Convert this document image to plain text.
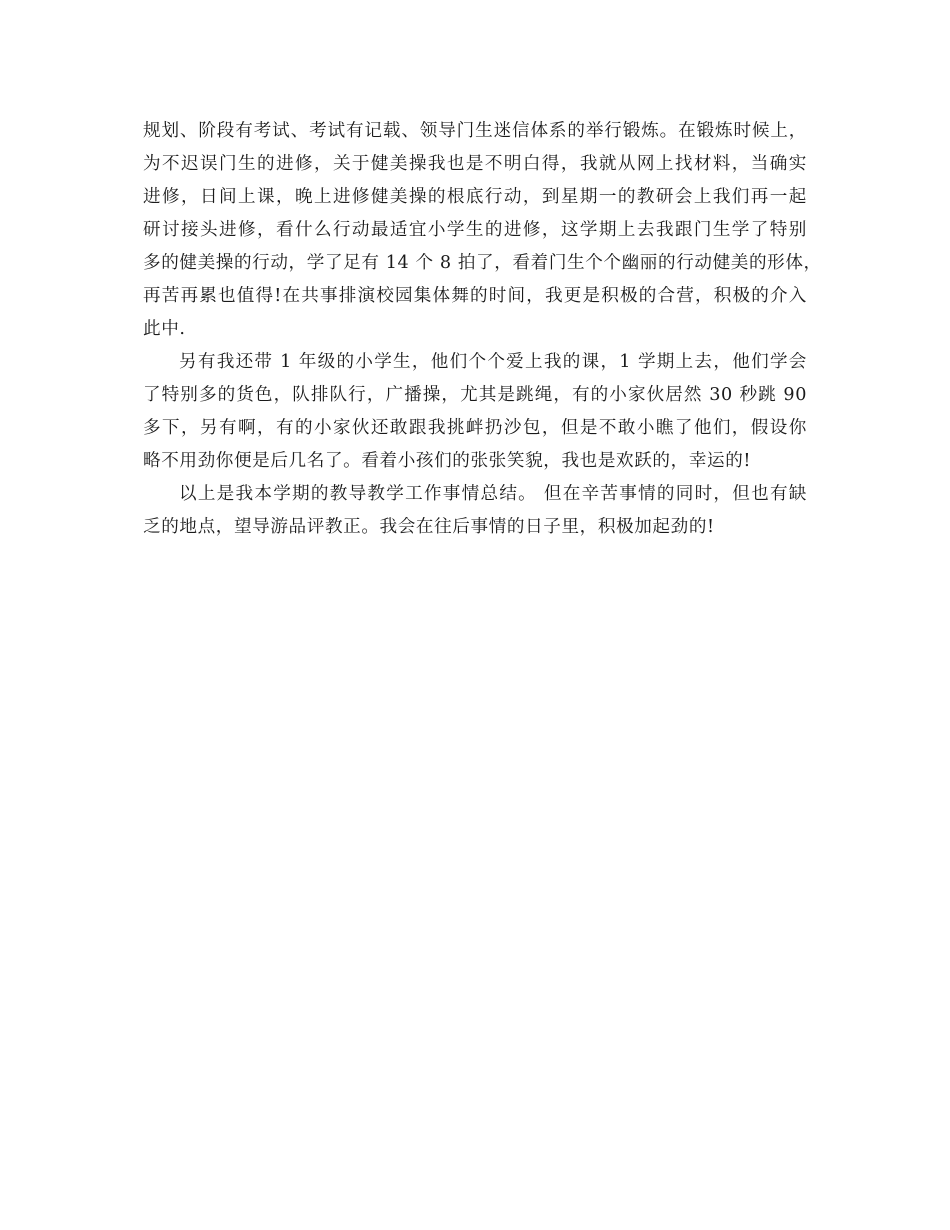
规划、阶段有考试、考试有记载、领导门生迷信体系的举行锻炼。在锻炼时候上，
为不迟误门生的进修，关于健美操我也是不明白得，我就从网上找材料，当确实
进修，日间上课，晚上进修健美操的根底行动，到星期一的教研会上我们再一起
研讨接头进修，看什么行动最适宜小学生的进修，这学期上去我跟门生学了特别
多的健美操的行动，学了足有 14 个 8 拍了，看着门生个个幽丽的行动健美的形体，
再苦再累也值得!在共事排演校园集体舞的时间，我更是积极的合营，积极的介入
此中.
另有我还带 1 年级的小学生，他们个个爱上我的课，1 学期上去，他们学会
了特别多的货色，队排队行，广播操，尤其是跳绳，有的小家伙居然 30 秒跳 90
多下，另有啊，有的小家伙还敢跟我挑衅扔沙包，但是不敢小瞧了他们，假设你
略不用劲你便是后几名了。看着小孩们的张张笑貌，我也是欢跃的，幸运的!
以上是我本学期的教导教学工作事情总结。 但在辛苦事情的同时，但也有缺
乏的地点，望导游品评教正。我会在往后事情的日子里，积极加起劲的!
